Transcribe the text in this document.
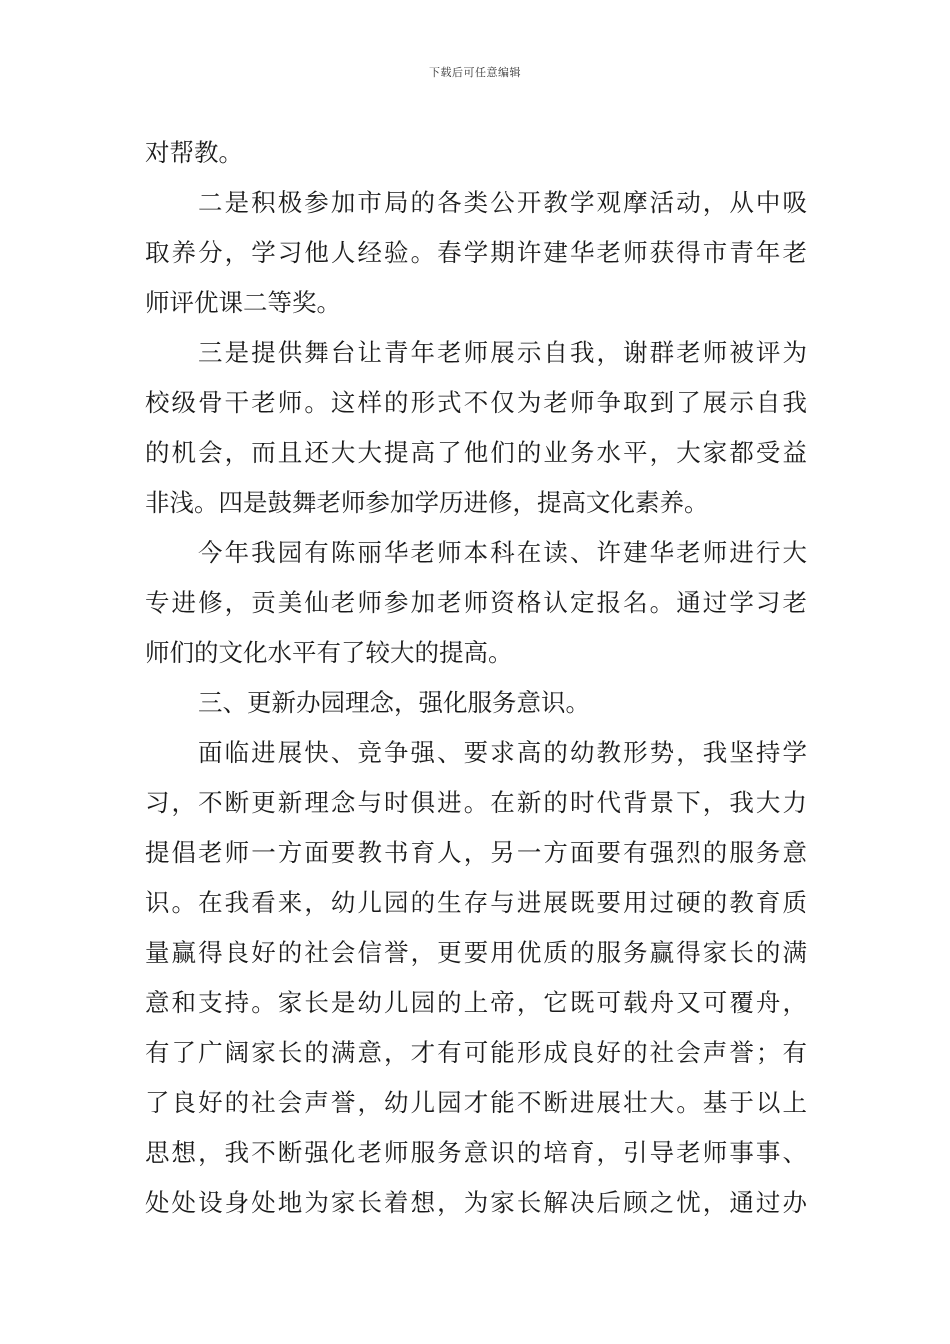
下载后可任意编辑
对帮教。
二是积极参加市局的各类公开教学观摩活动，从中吸
取养分，学习他人经验。春学期许建华老师获得市青年老
师评优课二等奖。
三是提供舞台让青年老师展示自我，谢群老师被评为
校级骨干老师。这样的形式不仅为老师争取到了展示自我
的机会，而且还大大提高了他们的业务水平，大家都受益
非浅。四是鼓舞老师参加学历进修，提高文化素养。
今年我园有陈丽华老师本科在读、许建华老师进行大
专进修，贡美仙老师参加老师资格认定报名。通过学习老
师们的文化水平有了较大的提高。
三、更新办园理念，强化服务意识。
面临进展快、竞争强、要求高的幼教形势，我坚持学
习，不断更新理念与时俱进。在新的时代背景下，我大力
提倡老师一方面要教书育人，另一方面要有强烈的服务意
识。在我看来，幼儿园的生存与进展既要用过硬的教育质
量赢得良好的社会信誉，更要用优质的服务赢得家长的满
意和支持。家长是幼儿园的上帝，它既可载舟又可覆舟，
有了广阔家长的满意，才有可能形成良好的社会声誉；有
了良好的社会声誉，幼儿园才能不断进展壮大。基于以上
思想，我不断强化老师服务意识的培育，引导老师事事、
处处设身处地为家长着想，为家长解决后顾之忧，通过办
